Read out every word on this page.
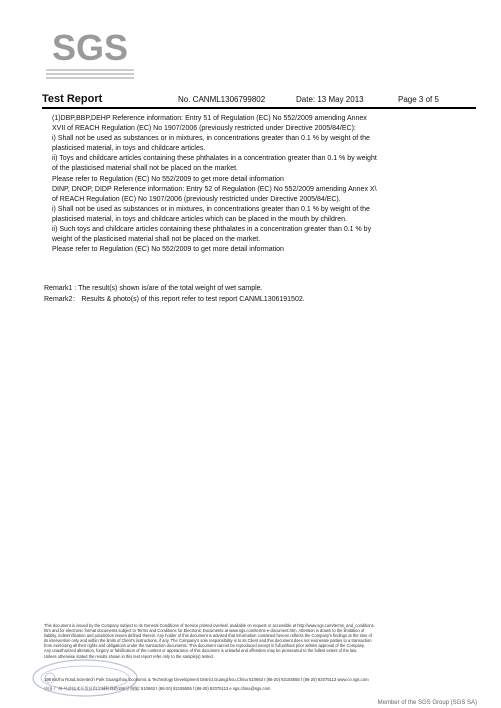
SGS
Test Report	No. CANML1306799802	Date: 13 May 2013	Page 3 of 5

(1)DBP,BBP,DEHP Reference information: Entry 51 of Regulation (EC) No 552/2009 amending Annex

XVII of REACH Regulation (EC) No 1907/2006 (previously restricted under Directive 2005/84/EC):

i) Shall not be used as substances or in mixtures, in concentrations greater than 0.1 % by weight of the

plasticised material, in toys and childcare articles.

ii) Toys and childcare articles containing these phthalates in a concentration greater than 0.1 % by weight

of the plasticised material shall not be placed on the market.

Please refer to Regulation (EC) No 552/2009 to get more detail information

DINP, DNOP, DIDP Reference information: Entry 52 of Regulation (EC) No 552/2009 amending Annex X\

of REACH Regulation (EC) No 1907/2006 (previously restricted under Directive 2005/84/EC).

i) Shall not be used as substances or in mixtures, in concentrations greater than 0.1 % by weight of the

plasticised material, in toys and childcare articles which can be placed in the mouth by children.

ii) Such toys and childcare articles containing these phthalates in a concentration greater than 0.1 % by

weight of the plasticised material shall not be placed on the market.

Please refer to Regulation (EC) No 552/2009 to get more detail information

Remark1 : The result(s) shown is/are of the total weight of wet sample.

Remark2： Results & photo(s) of this report refer to test report CANML1306191502.

This document is issued by the Company subject to its General Conditions of Service printed overleaf, available on request or accessible at http://www.sgs.com/terms_and_conditions.

htm and,for electronic format documents,subject to Terms and Conditions for Electronic Documents at www.sgs.com/terms-e-document.htm. Attention is drawn to the limitation of

liability, indemnification and jurisdiction issues defined therein. Any holder of this document is advised that information contained hereon reflects the Company's findings at the time of

its intervention only and within the limits of Client's instructions, if any. The Company's sole responsibility is to its Client and this document does not exonerate parties to a transaction

from exercising all their rights and obligations under the transaction documents. This document cannot be reproduced except in full,without prior written approval of the Company.

Any unauthorized alteration, forgery or falsification of the content or appearance of this document is unlawful and offenders may be prosecuted to the fullest extent of the law.

Unless otherwise stated the results shown in this test report refer only to the sample(s) tested.

198 Kezhu Road,Scientech Park Guangzhou Economic & Technology Development District,Guangzhou,China 510663 t (86-20) 82155555 f (86-20) 82075113 www.cn.sgs.com

中国·广州·经济技术开发区科学城科珠路198号 邮编: 510663 t (86-20) 82155555 f (86-20) 82075113 e sgs.china@sgs.com

Member of the SGS Group (SGS SA)
